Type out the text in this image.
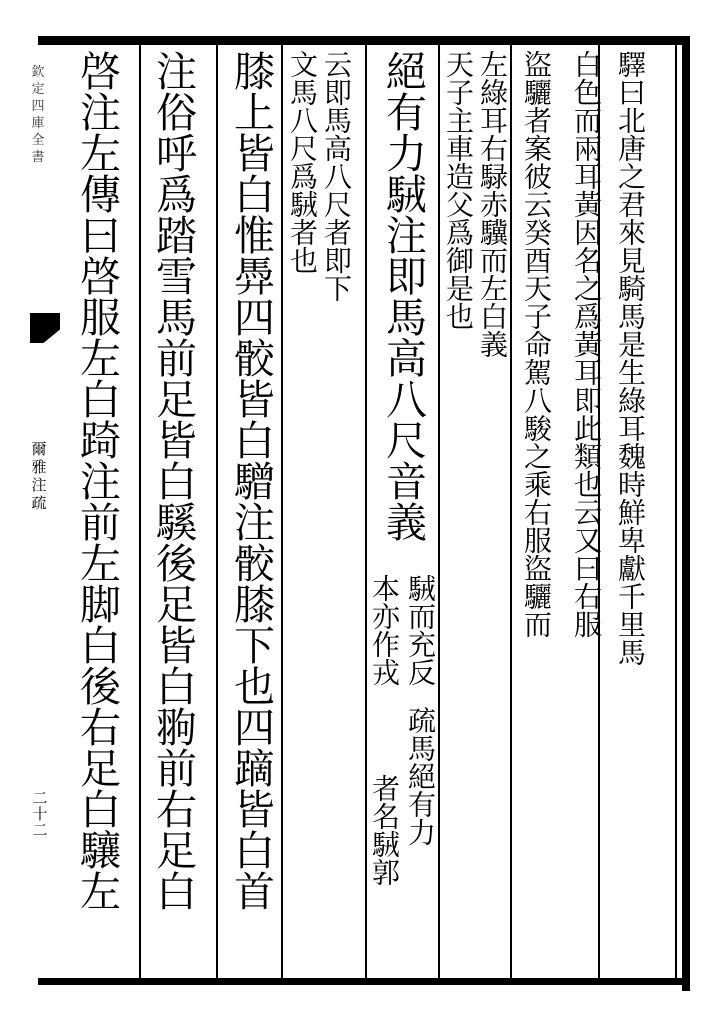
欽定四庫全書
爾雅注疏
二十二
驛曰北唐之君來見騎馬是生綠耳魏時鮮卑獻千里馬
白色而兩耳黃因名之爲黃耳即此類也云又曰右服
盜驪者案彼云癸酉天子命駕八駿之乘右服盜驪而
左綠耳右騄赤驥而左白義
天子主車造父爲御是也
絕有力駥注即馬高八尺音義
駥而充反
本亦作戎
疏馬絕有力
者名駥郭
云即馬高八尺者即下
文馬八尺爲駥者也
膝上皆白惟馵四骹皆白驓注骹膝下也四蹢皆白首
注俗呼爲踏雪馬前足皆白騱後足皆白翑前右足白
啓注左傳曰啓服左白踦注前左脚白後右足白驤左
